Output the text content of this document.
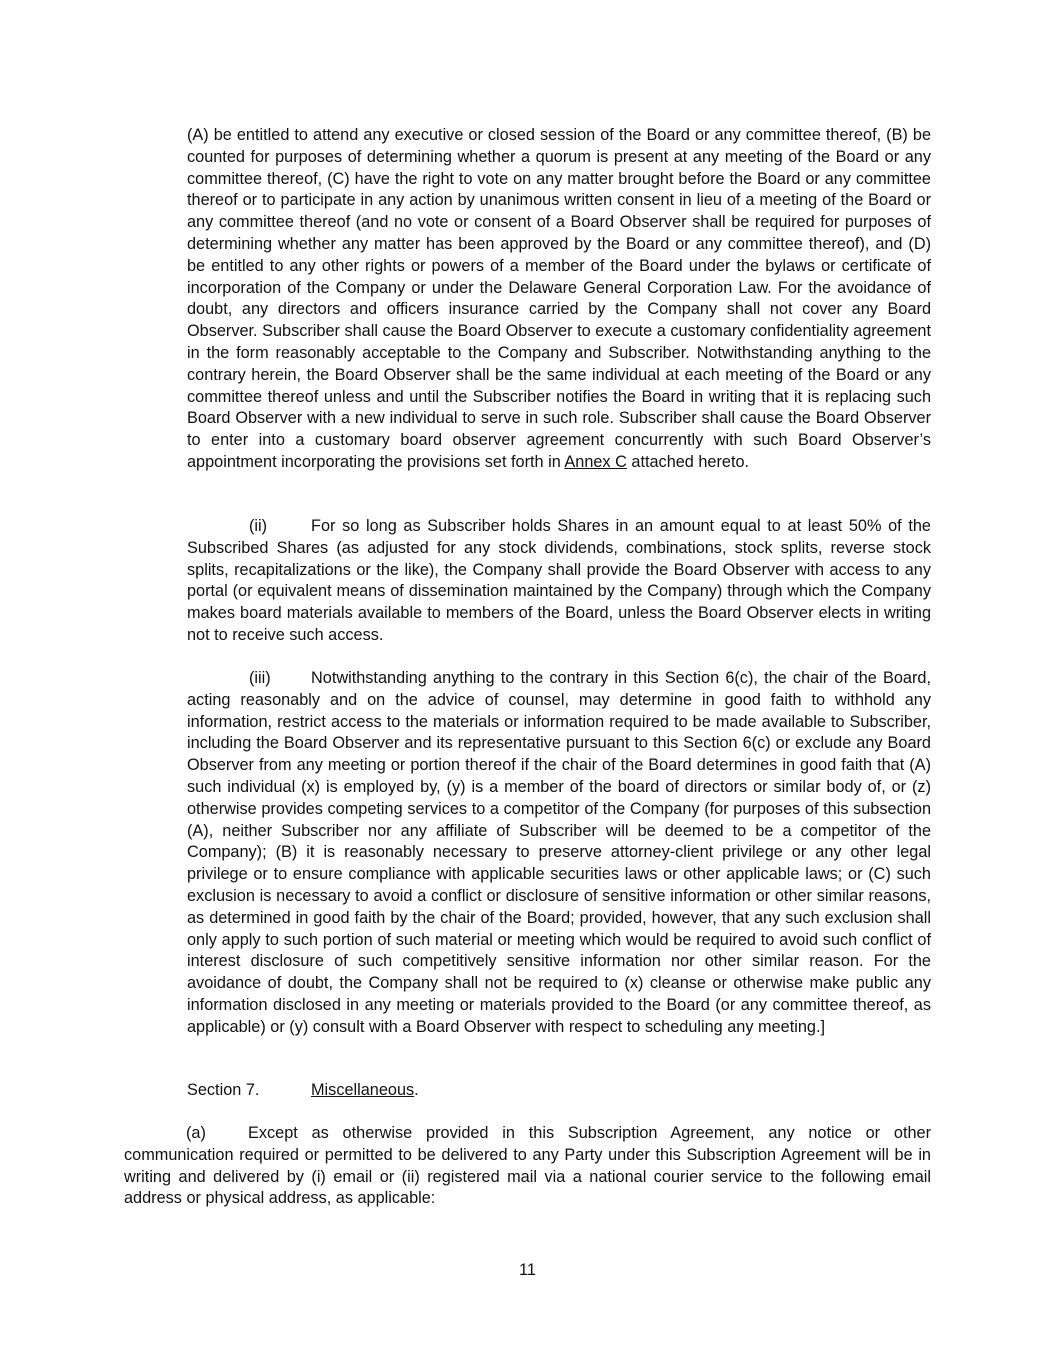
(A) be entitled to attend any executive or closed session of the Board or any committee thereof, (B) be counted for purposes of determining whether a quorum is present at any meeting of the Board or any committee thereof, (C) have the right to vote on any matter brought before the Board or any committee thereof or to participate in any action by unanimous written consent in lieu of a meeting of the Board or any committee thereof (and no vote or consent of a Board Observer shall be required for purposes of determining whether any matter has been approved by the Board or any committee thereof), and (D) be entitled to any other rights or powers of a member of the Board under the bylaws or certificate of incorporation of the Company or under the Delaware General Corporation Law. For the avoidance of doubt, any directors and officers insurance carried by the Company shall not cover any Board Observer. Subscriber shall cause the Board Observer to execute a customary confidentiality agreement in the form reasonably acceptable to the Company and Subscriber. Notwithstanding anything to the contrary herein, the Board Observer shall be the same individual at each meeting of the Board or any committee thereof unless and until the Subscriber notifies the Board in writing that it is replacing such Board Observer with a new individual to serve in such role. Subscriber shall cause the Board Observer to enter into a customary board observer agreement concurrently with such Board Observer’s appointment incorporating the provisions set forth in Annex C attached hereto.

(ii)	For so long as Subscriber holds Shares in an amount equal to at least 50% of the Subscribed Shares (as adjusted for any stock dividends, combinations, stock splits, reverse stock splits, recapitalizations or the like), the Company shall provide the Board Observer with access to any portal (or equivalent means of dissemination maintained by the Company) through which the Company makes board materials available to members of the Board, unless the Board Observer elects in writing not to receive such access.

(iii) Notwithstanding anything to the contrary in this Section 6(c), the chair of the Board, acting reasonably and on the advice of counsel, may determine in good faith to withhold any information, restrict access to the materials or information required to be made available to Subscriber, including the Board Observer and its representative pursuant to this Section 6(c) or exclude any Board Observer from any meeting or portion thereof if the chair of the Board determines in good faith that (A) such individual (x) is employed by, (y) is a member of the board of directors or similar body of, or (z) otherwise provides competing services to a competitor of the Company (for purposes of this subsection (A), neither Subscriber nor any affiliate of Subscriber will be deemed to be a competitor of the Company); (B) it is reasonably necessary to preserve attorney-client privilege or any other legal privilege or to ensure compliance with applicable securities laws or other applicable laws; or (C) such exclusion is necessary to avoid a conflict or disclosure of sensitive information or other similar reasons, as determined in good faith by the chair of the Board; provided, however, that any such exclusion shall only apply to such portion of such material or meeting which would be required to avoid such conflict of interest disclosure of such competitively sensitive information nor other similar reason. For the avoidance of doubt, the Company shall not be required to (x) cleanse or otherwise make public any information disclosed in any meeting or materials provided to the Board (or any committee thereof, as applicable) or (y) consult with a Board Observer with respect to scheduling any meeting.]

Section 7.	Miscellaneous.

(a)	Except as otherwise provided in this Subscription Agreement, any notice or other communication required or permitted to be delivered to any Party under this Subscription Agreement will be in writing and delivered by (i) email or (ii) registered mail via a national courier service to the following email address or physical address, as applicable:

11
